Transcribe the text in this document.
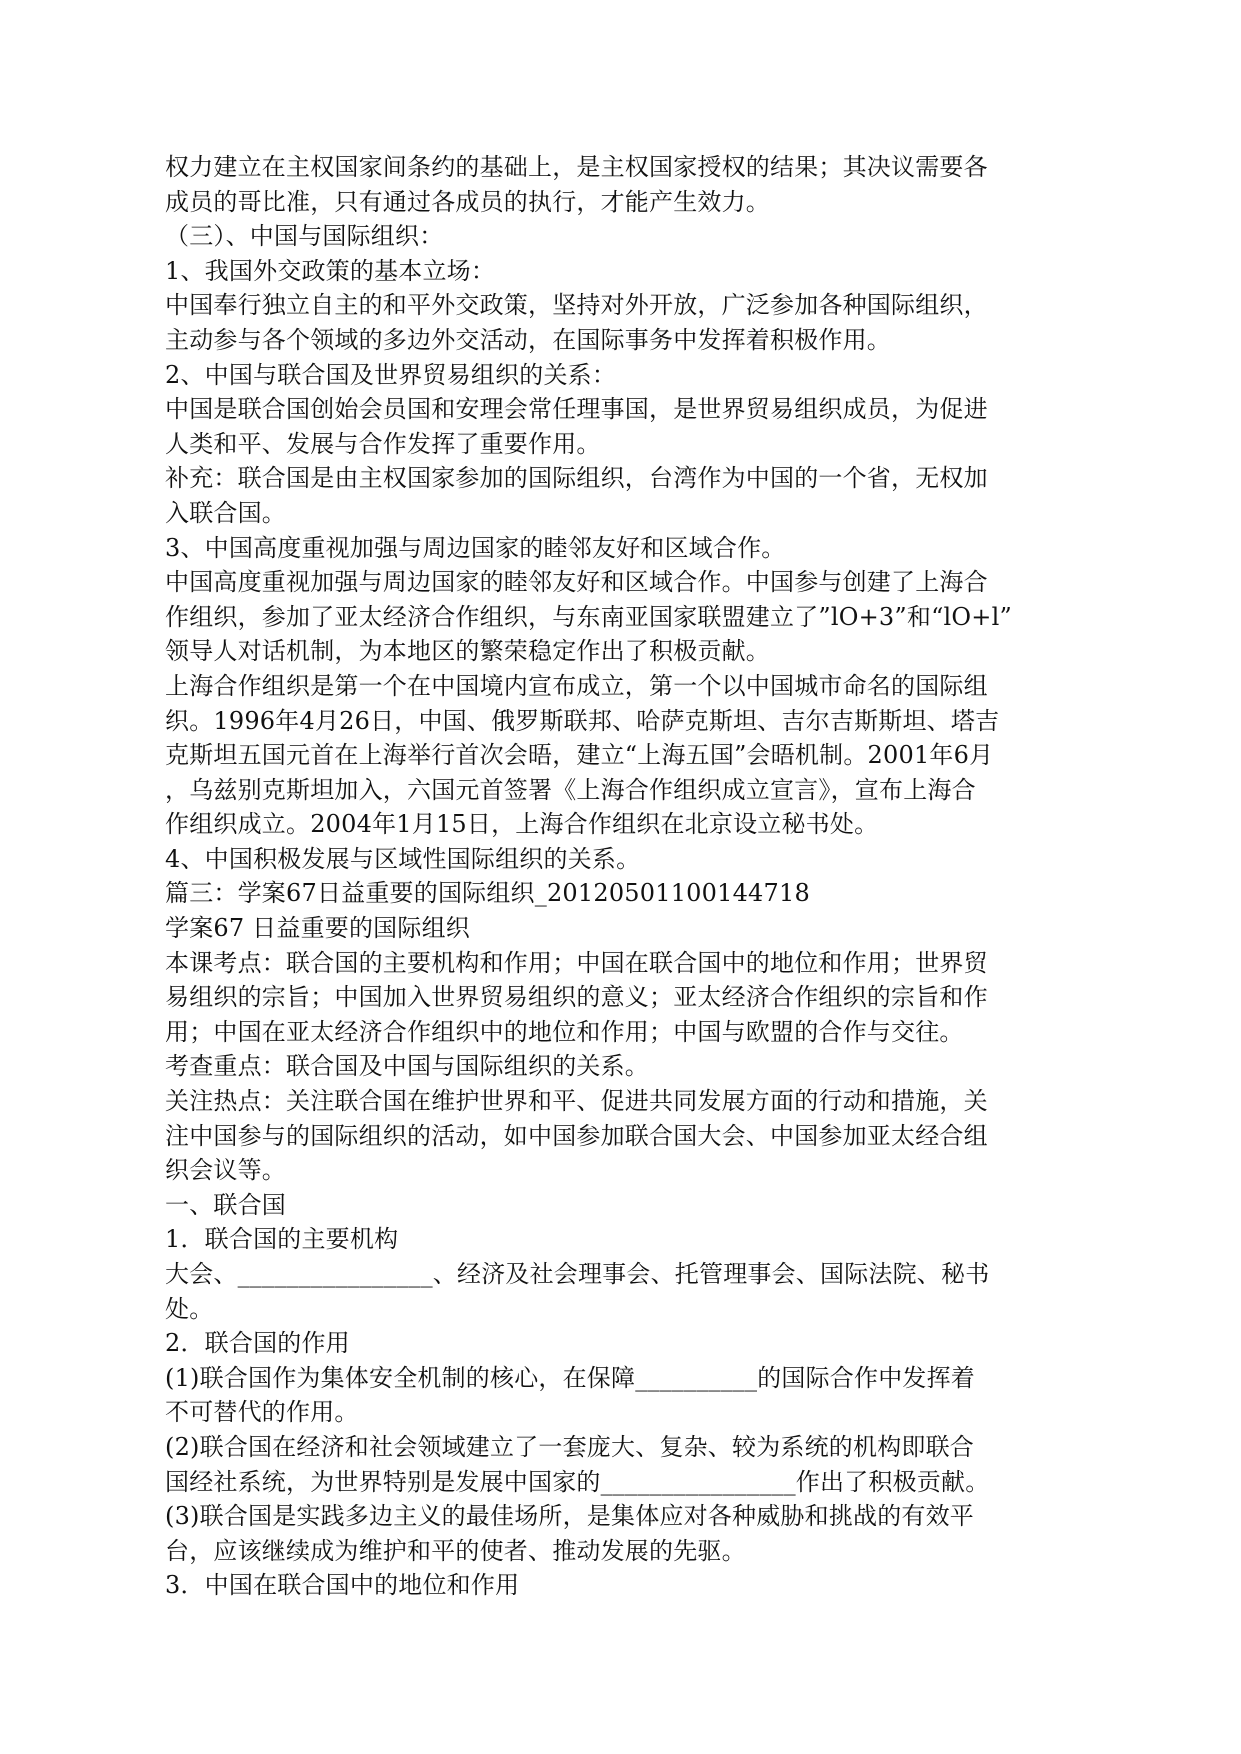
权力建立在主权国家间条约的基础上，是主权国家授权的结果；其决议需要各

成员的哥比准，只有通过各成员的执行，才能产生效力。

（三）、中国与国际组织：

1、我国外交政策的基本立场：

中国奉行独立自主的和平外交政策，坚持对外开放，广泛参加各种国际组织，

主动参与各个领域的多边外交活动，在国际事务中发挥着积极作用。

2、中国与联合国及世界贸易组织的关系：

中国是联合国创始会员国和安理会常任理事国，是世界贸易组织成员，为促进

人类和平、发展与合作发挥了重要作用。

补充：联合国是由主权国家参加的国际组织，台湾作为中国的一个省，无权加

入联合国。

3、中国高度重视加强与周边国家的睦邻友好和区域合作。

中国高度重视加强与周边国家的睦邻友好和区域合作。中国参与创建了上海合

作组织，参加了亚太经济合作组织，与东南亚国家联盟建立了”lO+3”和“lO+l”

领导人对话机制，为本地区的繁荣稳定作出了积极贡献。

上海合作组织是第一个在中国境内宣布成立，第一个以中国城市命名的国际组

织。1996年4月26日，中国、俄罗斯联邦、哈萨克斯坦、吉尔吉斯斯坦、塔吉

克斯坦五国元首在上海举行首次会晤，建立“上海五国”会晤机制。2001年6月

，乌兹别克斯坦加入，六国元首签署《上海合作组织成立宣言》，宣布上海合

作组织成立。2004年1月15日，上海合作组织在北京设立秘书处。

4、中国积极发展与区域性国际组织的关系。

篇三：学案67日益重要的国际组织_20120501100144718

学案67 日益重要的国际组织

本课考点：联合国的主要机构和作用；中国在联合国中的地位和作用；世界贸

易组织的宗旨；中国加入世界贸易组织的意义；亚太经济合作组织的宗旨和作

用；中国在亚太经济合作组织中的地位和作用；中国与欧盟的合作与交往。

考查重点：联合国及中国与国际组织的关系。

关注热点：关注联合国在维护世界和平、促进共同发展方面的行动和措施，关

注中国参与的国际组织的活动，如中国参加联合国大会、中国参加亚太经合组

织会议等。

一、联合国

1．联合国的主要机构

大会、________________、经济及社会理事会、托管理事会、国际法院、秘书

处。

2．联合国的作用

(1)联合国作为集体安全机制的核心，在保障__________的国际合作中发挥着

不可替代的作用。

(2)联合国在经济和社会领域建立了一套庞大、复杂、较为系统的机构即联合

国经社系统，为世界特别是发展中国家的________________作出了积极贡献。

(3)联合国是实践多边主义的最佳场所，是集体应对各种威胁和挑战的有效平

台，应该继续成为维护和平的使者、推动发展的先驱。

3．中国在联合国中的地位和作用
